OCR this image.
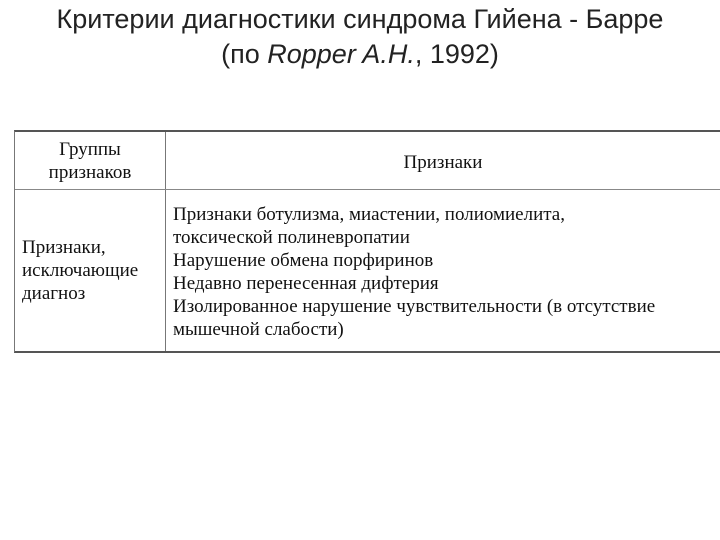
Критерии диагностики синдрома Гийена - Барре
(по Ropper A.H., 1992)
Группы
признаков	Признаки
Признаки,
исключающие
диагноз
Признаки ботулизма, миастении, полиомиелита,
токсической полиневропатии
Нарушение обмена порфиринов
Недавно перенесенная дифтерия
Изолированное нарушение чувствительности (в отсутствие
мышечной слабости)
